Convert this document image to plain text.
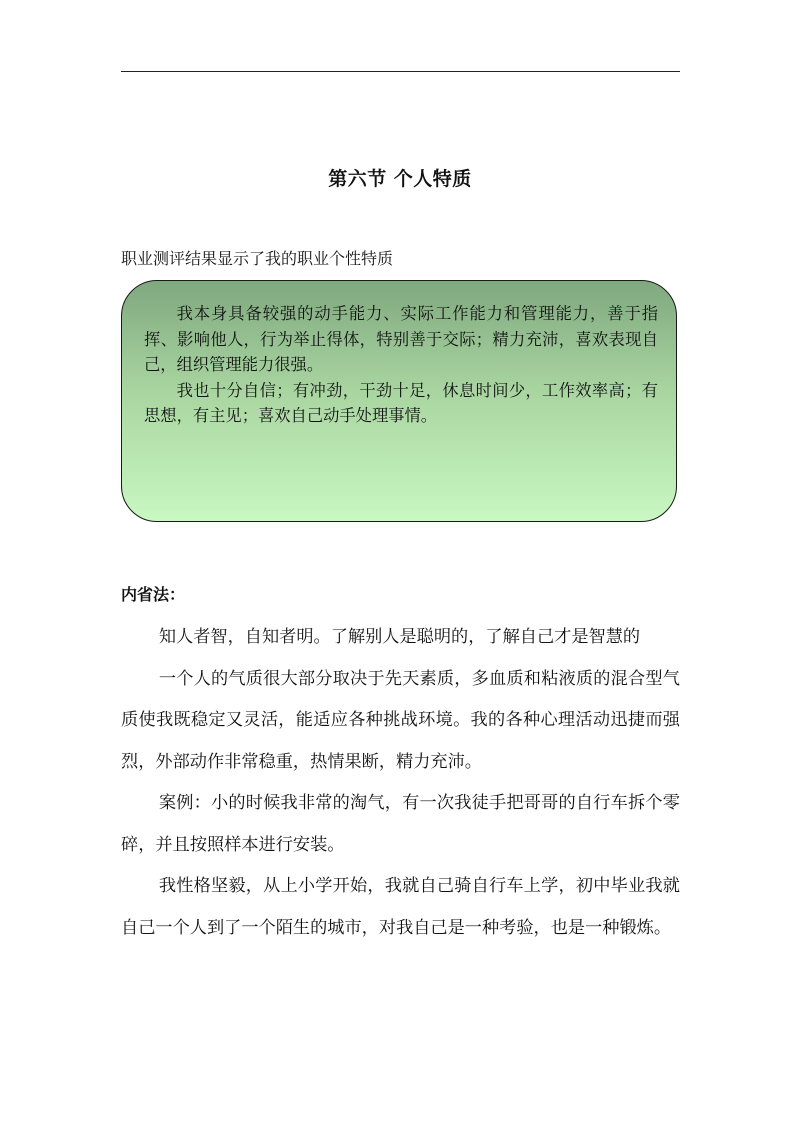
第六节 个人特质

职业测评结果显示了我的职业个性特质

我本身具备较强的动手能力、实际工作能力和管理能力，善于指挥、影响他人，行为举止得体，特别善于交际；精力充沛，喜欢表现自己，组织管理能力很强。

我也十分自信；有冲劲，干劲十足，休息时间少，工作效率高；有思想，有主见；喜欢自己动手处理事情。

内省法：

知人者智，自知者明。了解别人是聪明的，了解自己才是智慧的

一个人的气质很大部分取决于先天素质，多血质和粘液质的混合型气质使我既稳定又灵活，能适应各种挑战环境。我的各种心理活动迅捷而强烈，外部动作非常稳重，热情果断，精力充沛。

案例：小的时候我非常的淘气，有一次我徒手把哥哥的自行车拆个零碎，并且按照样本进行安装。

我性格坚毅，从上小学开始，我就自己骑自行车上学，初中毕业我就自己一个人到了一个陌生的城市，对我自己是一种考验，也是一种锻炼。
